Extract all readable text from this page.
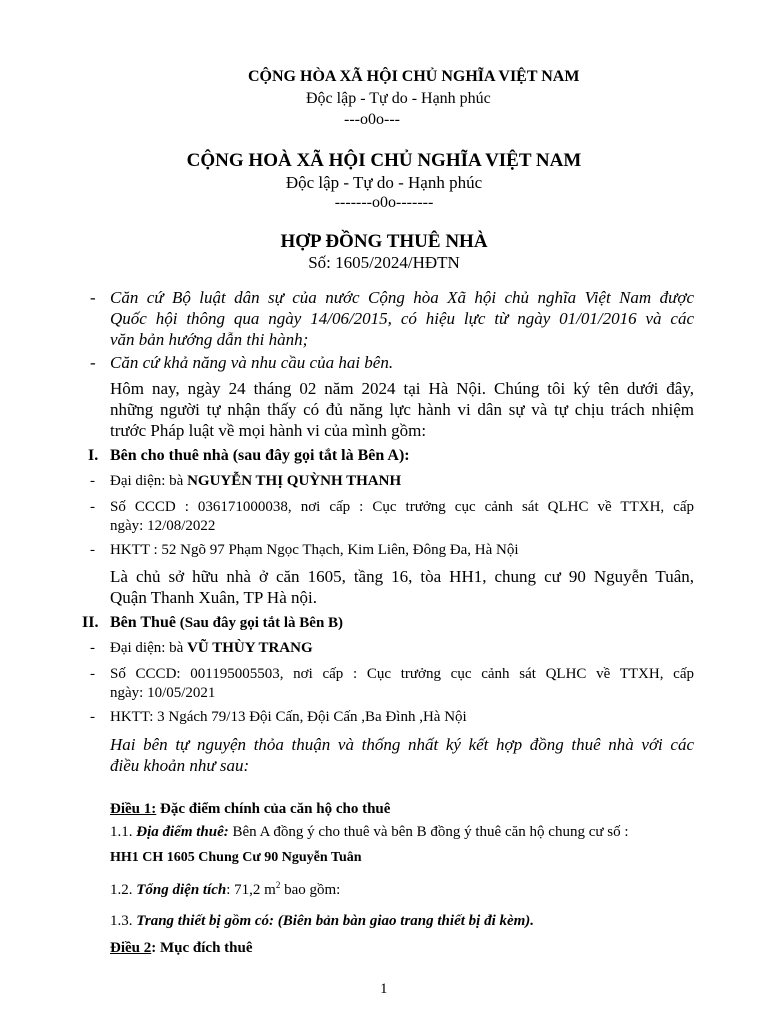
CỘNG HÒA XÃ HỘI CHỦ NGHĨA VIỆT NAM
Độc lập - Tự do - Hạnh phúc
---o0o---
CỘNG HOÀ XÃ HỘI CHỦ NGHĨA VIỆT NAM
Độc lập - Tự do - Hạnh phúc
-------o0o-------
HỢP ĐỒNG THUÊ NHÀ
Số: 1605/2024/HĐTN
- Căn cứ Bộ luật dân sự của nước Cộng hòa Xã hội chủ nghĩa Việt Nam được
Quốc hội thông qua ngày 14/06/2015, có hiệu lực từ ngày 01/01/2016 và các
văn bản hướng dẫn thi hành;
- Căn cứ khả năng và nhu cầu của hai bên.
Hôm nay, ngày 24 tháng 02 năm 2024 tại Hà Nội. Chúng tôi ký tên dưới đây,
những người tự nhận thấy có đủ năng lực hành vi dân sự và tự chịu trách nhiệm
trước Pháp luật về mọi hành vi của mình gồm:
I. Bên cho thuê nhà (sau đây gọi tắt là Bên A):
- Đại diện: bà NGUYỄN THỊ QUỲNH THANH
- Số CCCD : 036171000038, nơi cấp : Cục trưởng cục cảnh sát QLHC về TTXH, cấp
ngày: 12/08/2022
- HKTT : 52 Ngõ 97 Phạm Ngọc Thạch, Kim Liên, Đông Đa, Hà Nội
Là chủ sở hữu nhà ở căn 1605, tầng 16, tòa HH1, chung cư 90 Nguyễn Tuân,
Quận Thanh Xuân, TP Hà nội.
II. Bên Thuê (Sau đây gọi tắt là Bên B)
- Đại diện: bà VŨ THÙY TRANG
- Số CCCD: 001195005503, nơi cấp : Cục trưởng cục cảnh sát QLHC về TTXH, cấp
ngày: 10/05/2021
- HKTT: 3 Ngách 79/13 Đội Cấn, Đội Cấn ,Ba Đình ,Hà Nội
Hai bên tự nguyện thỏa thuận và thống nhất ký kết hợp đồng thuê nhà với các
điều khoản như sau:
Điều 1: Đặc điểm chính của căn hộ cho thuê
1.1. Địa điểm thuê: Bên A đồng ý cho thuê và bên B đồng ý thuê căn hộ chung cư số :
HH1 CH 1605 Chung Cư 90 Nguyễn Tuân
1.2. Tổng diện tích: 71,2 $m^2$ bao gồm:
1.3. Trang thiết bị gồm có: (Biên bản bàn giao trang thiết bị đi kèm).
Điều 2: Mục đích thuê
1
